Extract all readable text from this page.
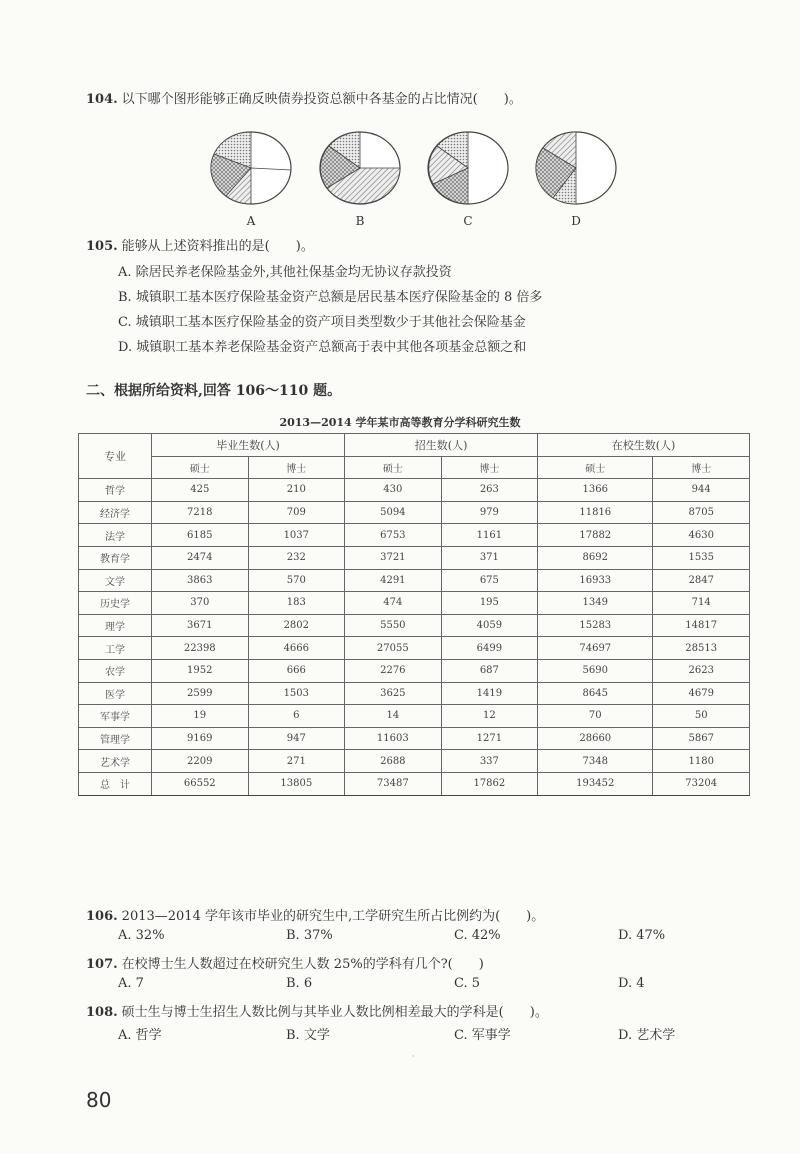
104. 以下哪个图形能够正确反映债券投资总额中各基金的占比情况(　　)。
A	B	C	D
105. 能够从上述资料推出的是(　　)。
A. 除居民养老保险基金外,其他社保基金均无协议存款投资
B. 城镇职工基本医疗保险基金资产总额是居民基本医疗保险基金的 8 倍多
C. 城镇职工基本医疗保险基金的资产项目类型数少于其他社会保险基金
D. 城镇职工基本养老保险基金资产总额高于表中其他各项基金总额之和
二、根据所给资料,回答 106～110 题。
2013—2014 学年某市高等教育分学科研究生数
专业	毕业生数(人)		招生数(人)		在校生数(人)	
	硕士	博士	硕士	博士	硕士	博士
哲学	425	210	430	263	1366	944
经济学	7218	709	5094	979	11816	8705
法学	6185	1037	6753	1161	17882	4630
教育学	2474	232	3721	371	8692	1535
文学	3863	570	4291	675	16933	2847
历史学	370	183	474	195	1349	714
理学	3671	2802	5550	4059	15283	14817
工学	22398	4666	27055	6499	74697	28513
农学	1952	666	2276	687	5690	2623
医学	2599	1503	3625	1419	8645	4679
军事学	19	6	14	12	70	50
管理学	9169	947	11603	1271	28660	5867
艺术学	2209	271	2688	337	7348	1180
总　计	66552	13805	73487	17862	193452	73204
106. 2013—2014 学年该市毕业的研究生中,工学研究生所占比例约为(　　)。
A. 32%	B. 37%	C. 42%	D. 47%
107. 在校博士生人数超过在校研究生人数 25%的学科有几个?(　　)
A. 7	B. 6	C. 5	D. 4
108. 硕士生与博士生招生人数比例与其毕业人数比例相差最大的学科是(　　)。
A. 哲学	B. 文学	C. 军事学	D. 艺术学
·
80
